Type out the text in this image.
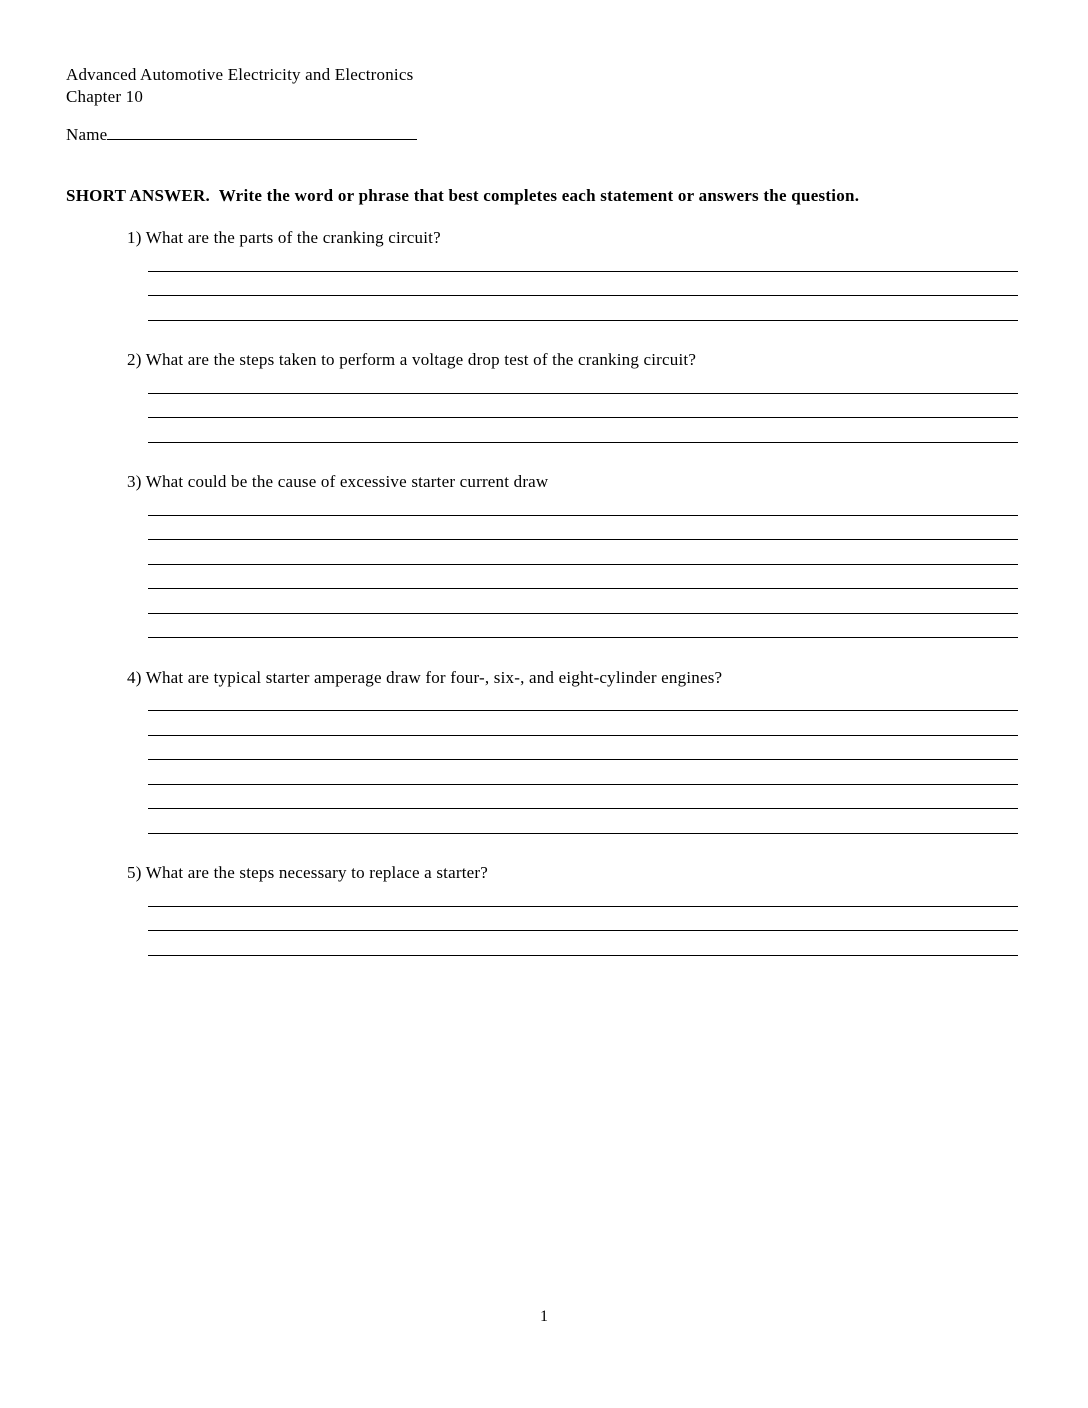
Advanced Automotive Electricity and Electronics
Chapter 10
Name
SHORT ANSWER.  Write the word or phrase that best completes each statement or answers the question.
1) What are the parts of the cranking circuit?
2) What are the steps taken to perform a voltage drop test of the cranking circuit?
3) What could be the cause of excessive starter current draw
4) What are typical starter amperage draw for four-, six-, and eight-cylinder engines?
5) What are the steps necessary to replace a starter?
1
